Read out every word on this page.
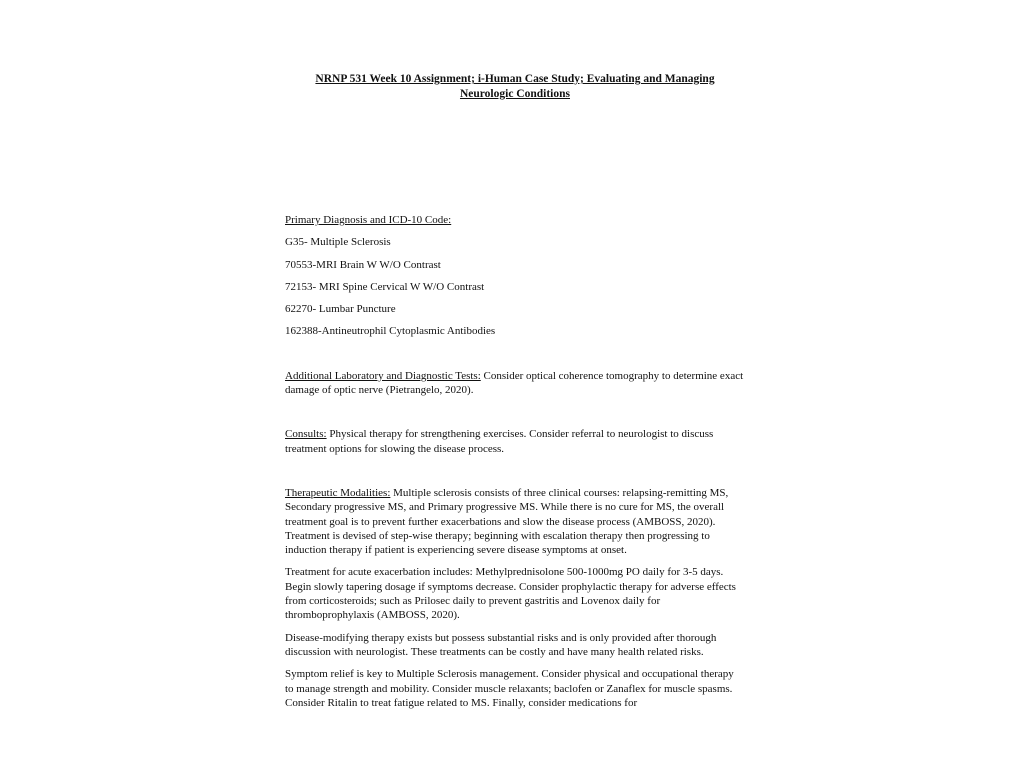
NRNP 531 Week 10 Assignment; i-Human Case Study; Evaluating and Managing
Neurologic Conditions

Primary Diagnosis and ICD-10 Code:

G35- Multiple Sclerosis

70553-MRI Brain W W/O Contrast

72153- MRI Spine Cervical W W/O Contrast

62270- Lumbar Puncture

162388-Antineutrophil Cytoplasmic Antibodies

Additional Laboratory and Diagnostic Tests: Consider optical coherence tomography to determine exact damage of optic nerve (Pietrangelo, 2020).

Consults: Physical therapy for strengthening exercises. Consider referral to neurologist to discuss treatment options for slowing the disease process.

Therapeutic Modalities: Multiple sclerosis consists of three clinical courses: relapsing-remitting MS, Secondary progressive MS, and Primary progressive MS. While there is no cure for MS, the overall treatment goal is to prevent further exacerbations and slow the disease process (AMBOSS, 2020). Treatment is devised of step-wise therapy; beginning with escalation therapy then progressing to induction therapy if patient is experiencing severe disease symptoms at onset.

Treatment for acute exacerbation includes: Methylprednisolone 500-1000mg PO daily for 3-5 days. Begin slowly tapering dosage if symptoms decrease. Consider prophylactic therapy for adverse effects from corticosteroids; such as Prilosec daily to prevent gastritis and Lovenox daily for thromboprophylaxis (AMBOSS, 2020).

Disease-modifying therapy exists but possess substantial risks and is only provided after thorough discussion with neurologist. These treatments can be costly and have many health related risks.

Symptom relief is key to Multiple Sclerosis management. Consider physical and occupational therapy to manage strength and mobility. Consider muscle relaxants; baclofen or Zanaflex for muscle spasms. Consider Ritalin to treat fatigue related to MS. Finally, consider medications for
